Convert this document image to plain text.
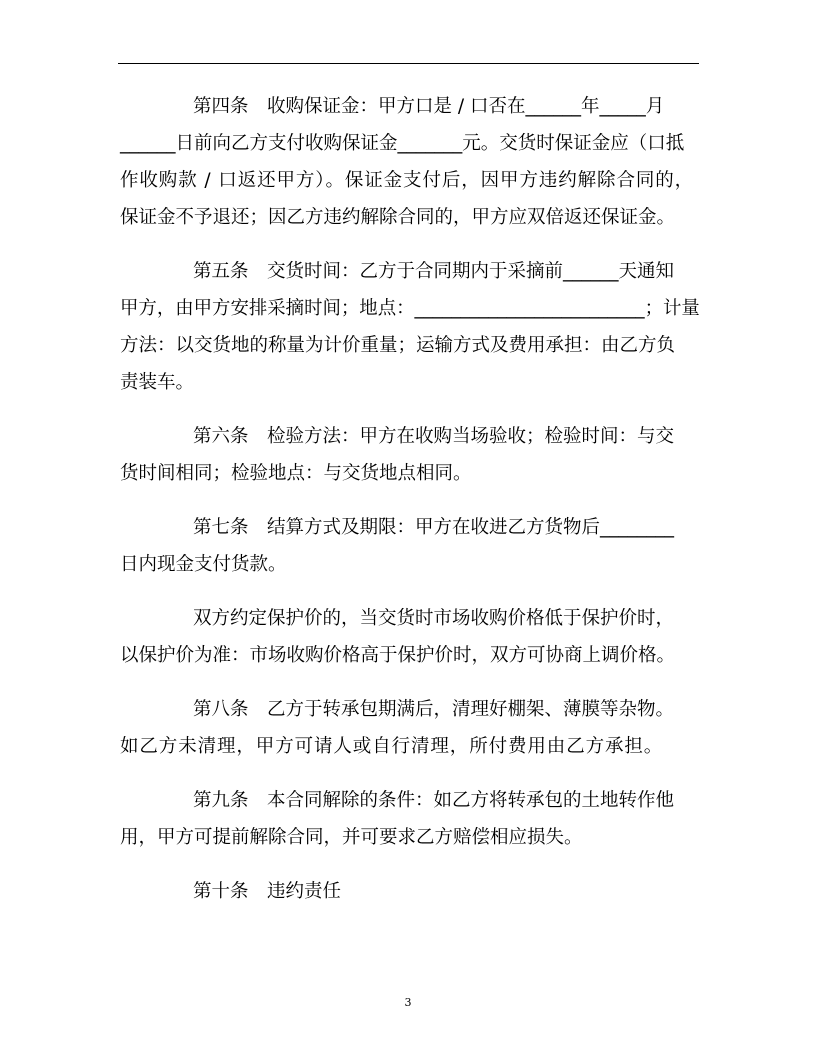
第四条　收购保证金：甲方口是 / 口否在______年_____月
______日前向乙方支付收购保证金_______元。交货时保证金应（口抵
作收购款 / 口返还甲方）。保证金支付后，因甲方违约解除合同的，
保证金不予退还；因乙方违约解除合同的，甲方应双倍返还保证金。
第五条　交货时间：乙方于合同期内于采摘前______天通知
甲方，由甲方安排采摘时间；地点：_________________________；计量
方法：以交货地的称量为计价重量；运输方式及费用承担：由乙方负
责装车。
第六条　检验方法：甲方在收购当场验收；检验时间：与交
货时间相同；检验地点：与交货地点相同。
第七条　结算方式及期限：甲方在收进乙方货物后________
日内现金支付货款。
双方约定保护价的，当交货时市场收购价格低于保护价时，
以保护价为准：市场收购价格高于保护价时，双方可协商上调价格。
第八条　乙方于转承包期满后，清理好棚架、薄膜等杂物。
如乙方未清理，甲方可请人或自行清理，所付费用由乙方承担。
第九条　本合同解除的条件：如乙方将转承包的土地转作他
用，甲方可提前解除合同，并可要求乙方赔偿相应损失。
第十条　违约责任
3
